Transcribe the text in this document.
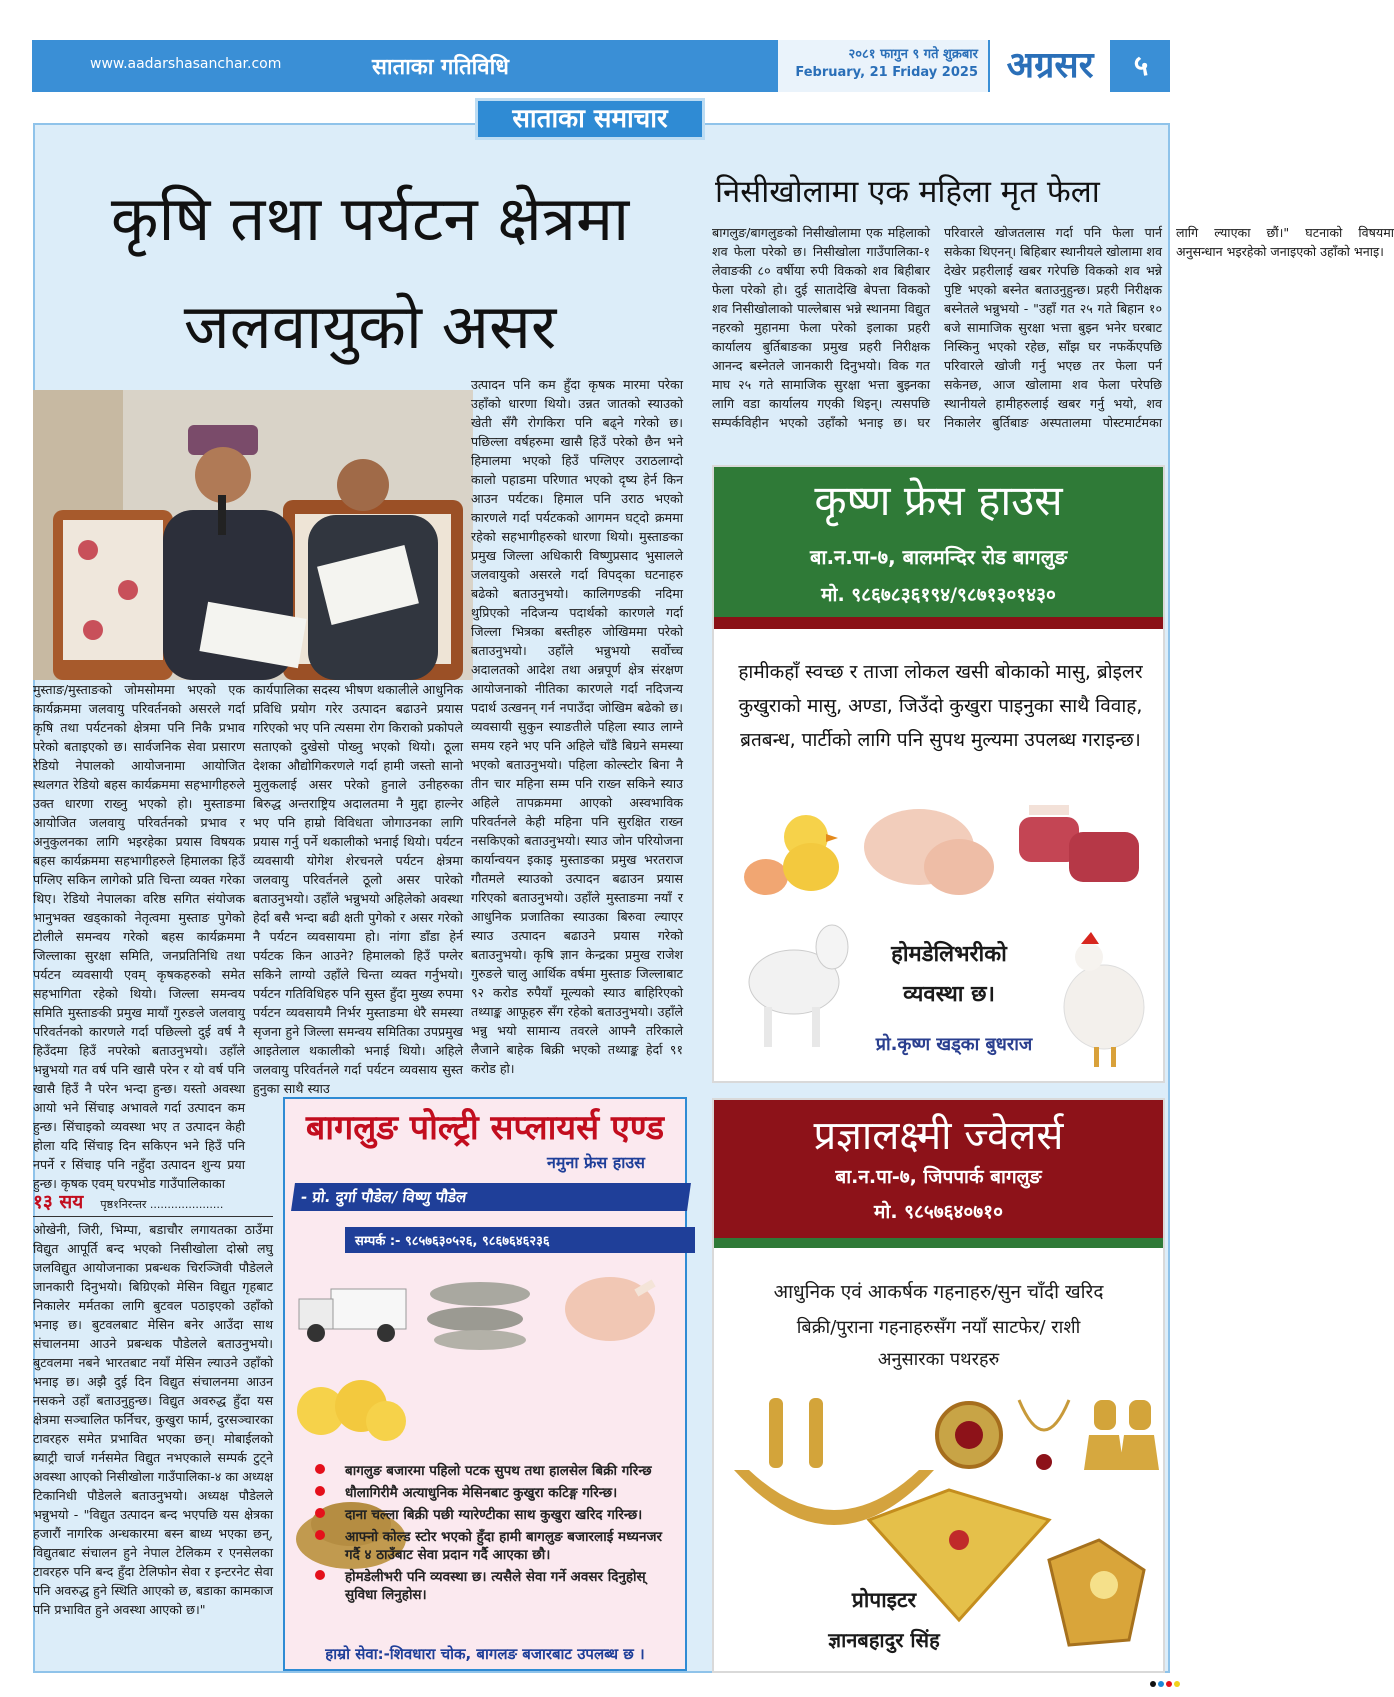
www.aadarshasanchar.com	साताका गतिविधि
२०८१ फागुन ९ गते शुक्रबार
February, 21 Friday 2025 अग्रसर	५
साताका समाचार
कृषि तथा पर्यटन क्षेत्रमा
जलवायुको असर

मुस्ताङ/मुस्ताङको जोमसोममा भएको एक कार्यक्रममा जलवायु परिवर्तनको असरले गर्दा कृषि तथा पर्यटनको क्षेत्रमा पनि निकै प्रभाव परेको बताइएको छ। सार्वजनिक सेवा प्रसारण रेडियो नेपालको आयोजनामा आयोजित स्थलगत रेडियो बहस कार्यक्रममा सहभागीहरुले उक्त धारणा राख्नु भएको हो। मुस्ताङमा आयोजित जलवायु परिवर्तनको प्रभाव र अनुकुलनका लागि भइरहेका प्रयास विषयक बहस कार्यक्रममा सहभागीहरुले हिमालका हिउँ पग्लिए सकिन लागेको प्रति चिन्ता व्यक्त गरेका थिए। रेडियो नेपालका वरिष्ठ सगित संयोजक भानुभक्त खड्काको नेतृत्वमा मुस्ताङ पुगेको टोलीले समन्वय गरेको बहस कार्यक्रममा जिल्लाका सुरक्षा समिति, जनप्रतिनिधि तथा पर्यटन व्यवसायी एवम् कृषकहरुको समेत सहभागिता रहेको थियो। जिल्ला समन्वय समिति मुस्ताङकी प्रमुख मायाँ गुरुङले जलवायु परिवर्तनको कारणले गर्दा पछिल्लो दुई वर्ष नै हिउँदमा हिउँ नपरेको बताउनुभयो। उहाँले भन्नुभयो गत वर्ष पनि खासै परेन र यो वर्ष पनि खासै हिउँ नै परेन भन्दा हुन्छ। यस्तो अवस्था आयो भने सिंचाइ अभावले गर्दा उत्पादन कम हुन्छ। सिंचाइको व्यवस्था भए त उत्पादन केही होला यदि सिंचाइ दिन सकिएन भने हिउँ पनि नपर्ने र सिंचाइ पनि नहुँदा उत्पादन शुन्य प्रया हुन्छ। कृषक एवम् घरपभोड गाउँपालिकाका

कार्यपालिका सदस्य भीषण थकालीले आधुनिक प्रविधि प्रयोग गरेर उत्पादन बढाउने प्रयास गरिएको भए पनि त्यसमा रोग किराको प्रकोपले सताएको दुखेसो पोख्नु भएको थियो। ठूला देशका औद्योगिकरणले गर्दा हामी जस्तो सानो मुलुकलाई असर परेको हुनाले उनीहरुका बिरुद्ध अन्तराष्ट्रिय अदालतमा नै मुद्दा हाल्नेर भए पनि हाम्रो विविधता जोगाउनका लागि प्रयास गर्नु पर्ने थकालीको भनाई थियो। पर्यटन व्यवसायी योगेश शेरचनले पर्यटन क्षेत्रमा जलवायु परिवर्तनले ठूलो असर पारेको बताउनुभयो। उहाँले भन्नुभयो अहिलेको अवस्था हेर्दा बसै भन्दा बढी क्षती पुगेको र असर गरेको नै पर्यटन व्यवसायमा हो। नांगा डाँडा हेर्न पर्यटक किन आउने? हिमालको हिउँ पग्लेर सकिने लाग्यो उहाँले चिन्ता व्यक्त गर्नुभयो। पर्यटन गतिविधिहरु पनि सुस्त हुँदा मुख्य रुपमा पर्यटन व्यवसायमै निर्भर मुस्ताङमा धेरै समस्या सृजना हुने जिल्ला समन्वय समितिका उपप्रमुख आइतेलाल थकालीको भनाई थियो। अहिले जलवायु परिवर्तनले गर्दा पर्यटन व्यवसाय सुस्त हुनुका साथै स्याउ

उत्पादन पनि कम हुँदा कृषक मारमा परेका उहाँको धारणा थियो। उन्नत जातको स्याउको खेती सँगै रोगकिरा पनि बढ्ने गरेको छ। पछिल्ला वर्षहरुमा खासै हिउँ परेको छैन भने हिमालमा भएको हिउँ पग्लिएर उराठलाग्दो कालो पहाडमा परिणात भएको दृष्य हेर्न किन आउन पर्यटक। हिमाल पनि उराठ भएको कारणले गर्दा पर्यटकको आगमन घट्दो क्रममा रहेको सहभागीहरुको धारणा थियो। मुस्ताङका प्रमुख जिल्ला अधिकारी विष्णुप्रसाद भुसालले जलवायुको असरले गर्दा विपद्का घटनाहरु बढेको बताउनुभयो। कालिगण्डकी नदिमा थुप्रिएको नदिजन्य पदार्थको कारणले गर्दा जिल्ला भित्रका बस्तीहरु जोखिममा परेको बताउनुभयो। उहाँले भन्नुभयो सर्वोच्च अदालतको आदेश तथा अन्नपूर्ण क्षेत्र संरक्षण आयोजनाको नीतिका कारणले गर्दा नदिजन्य पदार्थ उत्खनन् गर्न नपाउँदा जोखिम बढेको छ। व्यवसायी सुकुन स्याङतीले पहिला स्याउ लाग्ने समय रहने भए पनि अहिले चाँडै बिग्रने समस्या भएको बताउनुभयो। पहिला कोल्स्टोर बिना नै तीन चार महिना सम्म पनि राख्न सकिने स्याउ अहिले तापक्रममा आएको अस्वभाविक परिवर्तनले केही महिना पनि सुरक्षित राख्न नसकिएको बताउनुभयो। स्याउ जोन परियोजना कार्यान्वयन इकाइ मुस्ताङका प्रमुख भरतराज गौतमले स्याउको उत्पादन बढाउन प्रयास गरिएको बताउनुभयो। उहाँले मुस्ताङमा नयाँ र आधुनिक प्रजातिका स्याउका बिरुवा ल्याएर स्याउ उत्पादन बढाउने प्रयास गरेको बताउनुभयो। कृषि ज्ञान केन्द्रका प्रमुख राजेश गुरुङले चालु आर्थिक वर्षमा मुस्ताङ जिल्लाबाट ९२ करोड रुपैयाँ मूल्यको स्याउ बाहिरिएको तथ्याङ्क आफूहरु सँग रहेको बताउनुभयो। उहाँले भन्नु भयो सामान्य तवरले आफ्नै तरिकाले लैजाने बाहेक बिक्री भएको तथ्याङ्क हेर्दा ९१ करोड हो।

१३ सय पृष्ठ१निरन्तर .....................

ओखेनी, जिरी, भिम्पा, बडाचौर लगायतका ठाउँमा विद्युत आपूर्ति बन्द भएको निसीखोला दोस्रो लघु जलविद्युत आयोजनाका प्रबन्धक चिरञ्जिवी पौडेलले जानकारी दिनुभयो। बिग्रिएको मेसिन विद्युत गृहबाट निकालेर मर्मतका लागि बुटवल पठाइएको उहाँको भनाइ छ। बुटवलबाट मेसिन बनेर आउँदा साथ संचालनमा आउने प्रबन्धक पौडेलले बताउनुभयो। बुटवलमा नबने भारतबाट नयाँ मेसिन ल्याउने उहाँको भनाइ छ। अझै दुई दिन विद्युत संचालनमा आउन नसकने उहाँ बताउनुहुन्छ। विद्युत अवरुद्ध हुँदा यस क्षेत्रमा सञ्चालित फर्निचर, कुखुरा फार्म, दुरसञ्चारका टावरहरु समेत प्रभावित भएका छन्। मोबाईलको ब्याट्री चार्ज गर्नसमेत विद्युत नभएकाले सम्पर्क टुट्ने अवस्था आएको निसीखोला गाउँपालिका-४ का अध्यक्ष टिकानिधी पौडेलले बताउनुभयो। अध्यक्ष पौडेलले भन्नुभयो - "विद्युत उत्पादन बन्द भएपछि यस क्षेत्रका हजारौं नागरिक अन्धकारमा बस्न बाध्य भएका छन्, विद्युतबाट संचालन हुने नेपाल टेलिकम र एनसेलका टावरहरु पनि बन्द हुँदा टेलिफोन सेवा र इन्टरनेट सेवा पनि अवरुद्ध हुने स्थिति आएको छ, बडाका कामकाज पनि प्रभावित हुने अवस्था आएको छ।"

निसीखोलामा एक महिला मृत फेला

बागलुङ/बागलुङको निसीखोलामा एक महिलाको शव फेला परेको छ। निसीखोला गाउँपालिका-१ लेवाङकी ८० वर्षीया रुपी विकको शव बिहीबार फेला परेको हो। दुई सातादेखि बेपत्ता विकको शव निसीखोलाको पाल्लेबास भन्ने स्थानमा विद्युत नहरको मुहानमा फेला परेको इलाका प्रहरी कार्यालय बुर्तिबाङका प्रमुख प्रहरी निरीक्षक आनन्द बस्नेतले जानकारी दिनुभयो। विक गत माघ २५ गते सामाजिक सुरक्षा भत्ता बुझ्नका लागि वडा कार्यालय गएकी थिइन्। त्यसपछि सम्पर्कविहीन भएको उहाँको भनाइ छ। घर परिवारले खोजतलास गर्दा पनि फेला पार्न सकेका थिएनन्। बिहिबार स्थानीयले खोलामा शव देखेर प्रहरीलाई खबर गरेपछि विकको शव भन्ने पुष्टि भएको बस्नेत बताउनुहुन्छ। प्रहरी निरीक्षक बस्नेतले भन्नुभयो - "उहाँ गत २५ गते बिहान १० बजे सामाजिक सुरक्षा भत्ता बुझ्न भनेर घरबाट निस्किनु भएको रहेछ, साँझ घर नफर्केएपछि परिवारले खोजी गर्नु भएछ तर फेला पर्न सकेनछ, आज खोलामा शव फेला परेपछि स्थानीयले हामीहरुलाई खबर गर्नु भयो, शव निकालेर बुर्तिबाङ अस्पतालमा पोस्टमार्टमका लागि ल्याएका छौं।" घटनाको विषयमा अनुसन्धान भइरहेको जनाइएको उहाँको भनाइ।

कृष्ण फ्रेस हाउस
बा.न.पा-७, बालमन्दिर रोड बागलुङ
मो. ९८६७८३६१९४/९८७१३०१४३०
हामीकहाँ स्वच्छ र ताजा लोकल खसी बोकाको मासु, ब्रोइलर कुखुराको मासु, अण्डा, जिउँदो कुखुरा पाइनुका साथै विवाह, ब्रतबन्ध, पार्टीको लागि पनि सुपथ मुल्यमा उपलब्ध गराइन्छ।
होमडेलिभरीको
व्यवस्था छ।
प्रो.कृष्ण खड्का बुधराज
बागलुङ पोल्ट्री सप्लायर्स एण्ड
नमुना फ्रेस हाउस
- प्रो. दुर्गा पौडेल/ विष्णु पौडेल
सम्पर्क :- ९८५७६३०५२६, ९८६७६४६२३६
बागलुङ बजारमा पहिलो पटक सुपथ तथा हालसेल बिक्री गरिन्छ
धौलागिरीमै अत्याधुनिक मेसिनबाट कुखुरा कटिङ्ग गरिन्छ।
दाना चल्ला बिक्री पछी ग्यारेण्टीका साथ कुखुरा खरिद गरिन्छ।
आफ्नो कोल्ड स्टोर भएको हुँदा हामी बागलुङ बजारलाई मध्यनजर गर्दै ४ ठाउँबाट सेवा प्रदान गर्दै आएका छौ।
होमडेलीभरी पनि व्यवस्था छ। त्यसैले सेवा गर्ने अवसर दिनुहोस् सुविधा लिनुहोस।
हाम्रो सेवा:-शिवधारा चोक, बागलङ बजारबाट उपलब्ध छ ।
प्रज्ञालक्ष्मी ज्वेलर्स
बा.न.पा-७, जिपपार्क बागलुङ
मो. ९८५७६४०७१०
आधुनिक एवं आकर्षक गहनाहरु/सुन चाँदी खरिद
बिक्री/पुराना गहनाहरुसँग नयाँ साटफेर/ राशी
अनुसारका पथरहरु
प्रोपाइटर
ज्ञानबहादुर सिंह
